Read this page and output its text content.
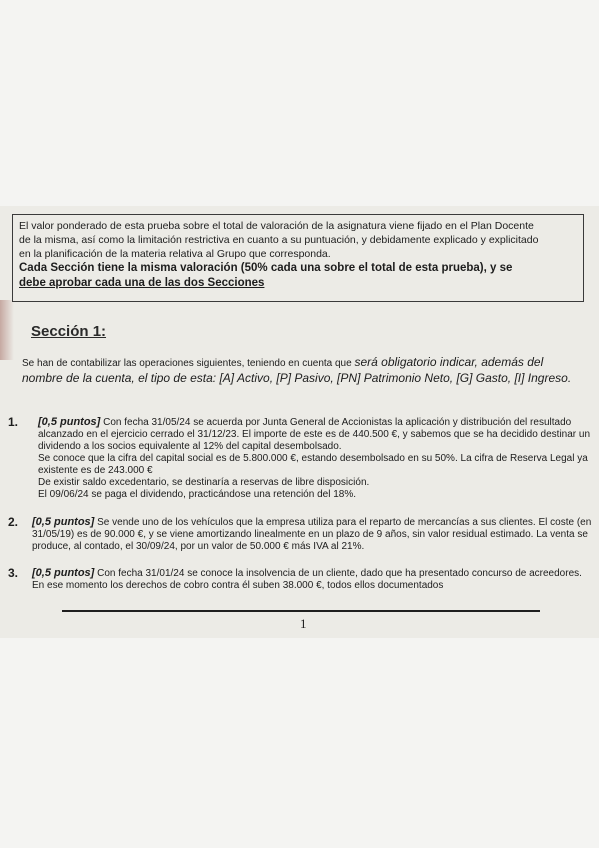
El valor ponderado de esta prueba sobre el total de valoración de la asignatura viene fijado en el Plan Docente

de la misma, así como la limitación restrictiva en cuanto a su puntuación, y debidamente explicado y explicitado

en la planificación de la materia relativa al Grupo que corresponda.

Cada Sección tiene la misma valoración (50% cada una sobre el total de esta prueba), y se

debe aprobar cada una de las dos Secciones

Sección 1:
Se han de contabilizar las operaciones siguientes, teniendo en cuenta que será obligatorio indicar, además del nombre de la cuenta, el tipo de esta: [A] Activo, [P] Pasivo, [PN] Patrimonio Neto, [G] Gasto, [I] Ingreso.
1. [0,5 puntos] Con fecha 31/05/24 se acuerda por Junta General de Accionistas la aplicación y distribución del resultado alcanzado en el ejercicio cerrado el 31/12/23. El importe de este es de 440.500 €, y sabemos que se ha decidido destinar un dividendo a los socios equivalente al 12% del capital desembolsado.

Se conoce que la cifra del capital social es de 5.800.000 €, estando desembolsado en su 50%. La cifra de Reserva Legal ya existente es de 243.000 €

De existir saldo excedentario, se destinaría a reservas de libre disposición.

El 09/06/24 se paga el dividendo, practicándose una retención del 18%.

2. [0,5 puntos] Se vende uno de los vehículos que la empresa utiliza para el reparto de mercancías a sus clientes. El coste (en 31/05/19) es de 90.000 €, y se viene amortizando linealmente en un plazo de 9 años, sin valor residual estimado. La venta se produce, al contado, el 30/09/24, por un valor de 50.000 € más IVA al 21%.

3. [0,5 puntos] Con fecha 31/01/24 se conoce la insolvencia de un cliente, dado que ha presentado concurso de acreedores. En ese momento los derechos de cobro contra él suben 38.000 €, todos ellos documentados

1
